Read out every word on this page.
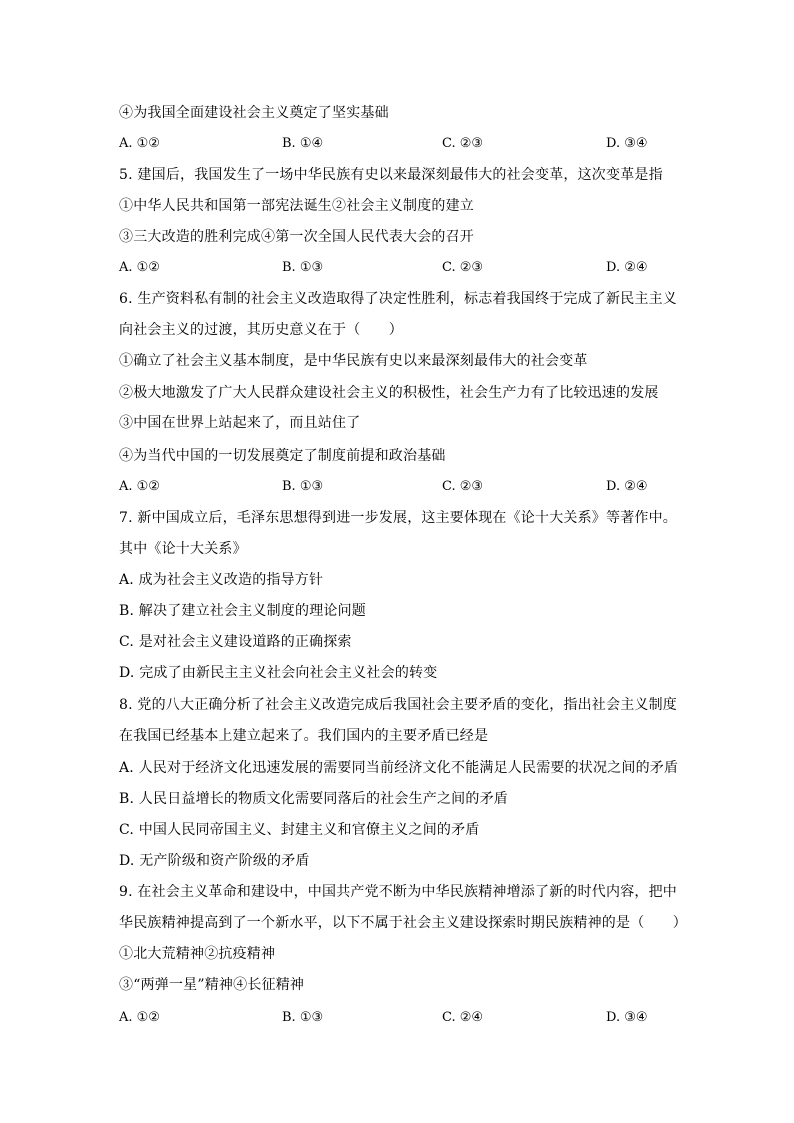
④为我国全面建设社会主义奠定了坚实基础
A. ①②	B. ①④	C. ②③	D. ③④
5. 建国后，我国发生了一场中华民族有史以来最深刻最伟大的社会变革，这次变革是指
①中华人民共和国第一部宪法诞生②社会主义制度的建立
③三大改造的胜利完成④第一次全国人民代表大会的召开
A. ①②	B. ①③	C. ②③	D. ②④
6. 生产资料私有制的社会主义改造取得了决定性胜利，标志着我国终于完成了新民主主义
向社会主义的过渡，其历史意义在于（　　）
①确立了社会主义基本制度，是中华民族有史以来最深刻最伟大的社会变革
②极大地激发了广大人民群众建设社会主义的积极性，社会生产力有了比较迅速的发展
③中国在世界上站起来了，而且站住了
④为当代中国的一切发展奠定了制度前提和政治基础
A. ①②	B. ①③	C. ②③	D. ②④
7. 新中国成立后，毛泽东思想得到进一步发展，这主要体现在《论十大关系》等著作中。
其中《论十大关系》
A. 成为社会主义改造的指导方针
B. 解决了建立社会主义制度的理论问题
C. 是对社会主义建设道路的正确探索
D. 完成了由新民主主义社会向社会主义社会的转变
8. 党的八大正确分析了社会主义改造完成后我国社会主要矛盾的变化，指出社会主义制度
在我国已经基本上建立起来了。我们国内的主要矛盾已经是
A. 人民对于经济文化迅速发展的需要同当前经济文化不能满足人民需要的状况之间的矛盾
B. 人民日益增长的物质文化需要同落后的社会生产之间的矛盾
C. 中国人民同帝国主义、封建主义和官僚主义之间的矛盾
D. 无产阶级和资产阶级的矛盾
9. 在社会主义革命和建设中，中国共产党不断为中华民族精神增添了新的时代内容，把中
华民族精神提高到了一个新水平，以下不属于社会主义建设探索时期民族精神的是（　　）
①北大荒精神②抗疫精神
③“两弹一星”精神④长征精神
A. ①②	B. ①③	C. ②④	D. ③④
